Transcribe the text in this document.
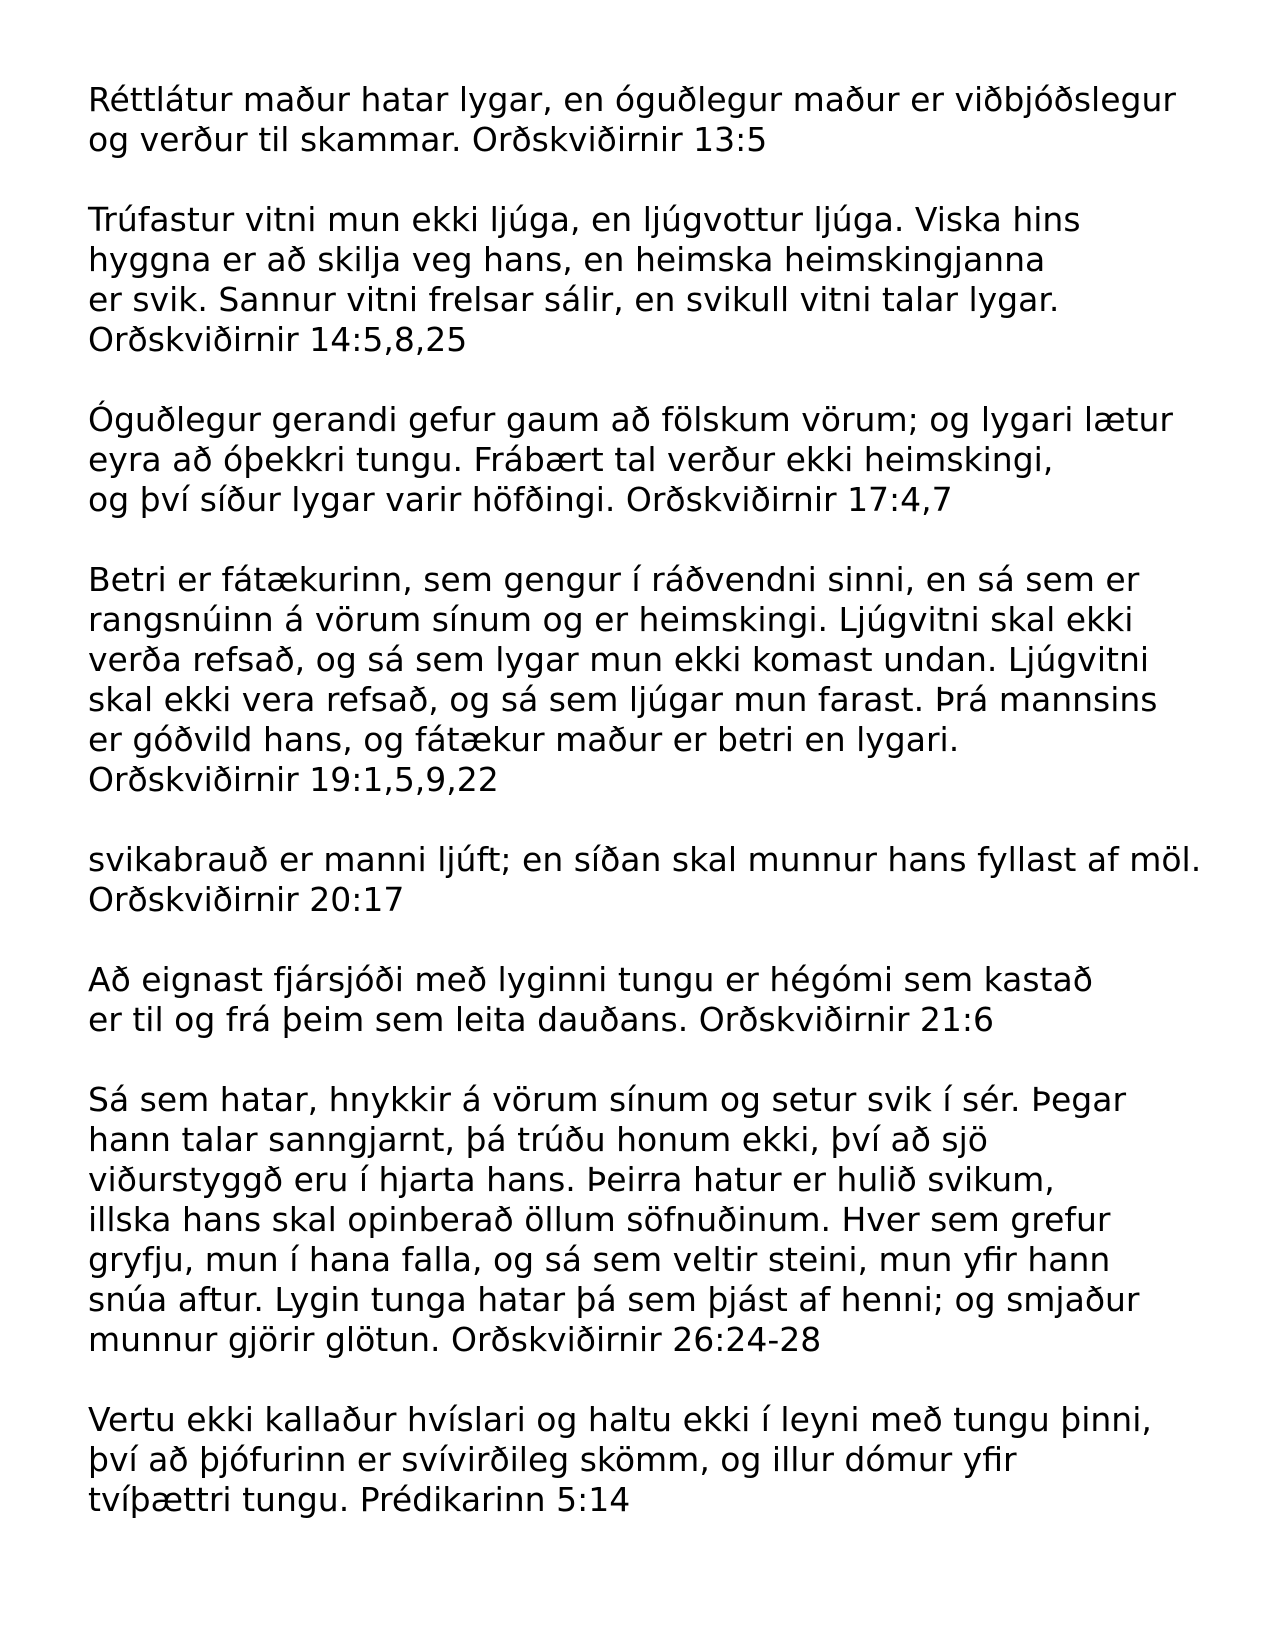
Réttlátur maður hatar lygar, en óguðlegur maður er viðbjóðslegur
og verður til skammar. Orðskviðirnir 13:5
Trúfastur vitni mun ekki ljúga, en ljúgvottur ljúga. Viska hins
hyggna er að skilja veg hans, en heimska heimskingjanna
er svik. Sannur vitni frelsar sálir, en svikull vitni talar lygar.
Orðskviðirnir 14:5,8,25
Óguðlegur gerandi gefur gaum að fölskum vörum; og lygari lætur
eyra að óþekkri tungu. Frábært tal verður ekki heimskingi,
og því síður lygar varir höfðingi. Orðskviðirnir 17:4,7
Betri er fátækurinn, sem gengur í ráðvendni sinni, en sá sem er
rangsnúinn á vörum sínum og er heimskingi. Ljúgvitni skal ekki
verða refsað, og sá sem lygar mun ekki komast undan. Ljúgvitni
skal ekki vera refsað, og sá sem ljúgar mun farast. Þrá mannsins
er góðvild hans, og fátækur maður er betri en lygari.
Orðskviðirnir 19:1,5,9,22
svikabrauð er manni ljúft; en síðan skal munnur hans fyllast af möl.
Orðskviðirnir 20:17
Að eignast fjársjóði með lyginni tungu er hégómi sem kastað
er til og frá þeim sem leita dauðans. Orðskviðirnir 21:6
Sá sem hatar, hnykkir á vörum sínum og setur svik í sér. Þegar
hann talar sanngjarnt, þá trúðu honum ekki, því að sjö
viðurstyggð eru í hjarta hans. Þeirra hatur er hulið svikum,
illska hans skal opinberað öllum söfnuðinum. Hver sem grefur
gryfju, mun í hana falla, og sá sem veltir steini, mun yfir hann
snúa aftur. Lygin tunga hatar þá sem þjást af henni; og smjaður
munnur gjörir glötun. Orðskviðirnir 26:24-28
Vertu ekki kallaður hvíslari og haltu ekki í leyni með tungu þinni,
því að þjófurinn er svívirðileg skömm, og illur dómur yfir
tvíþættri tungu. Prédikarinn 5:14
